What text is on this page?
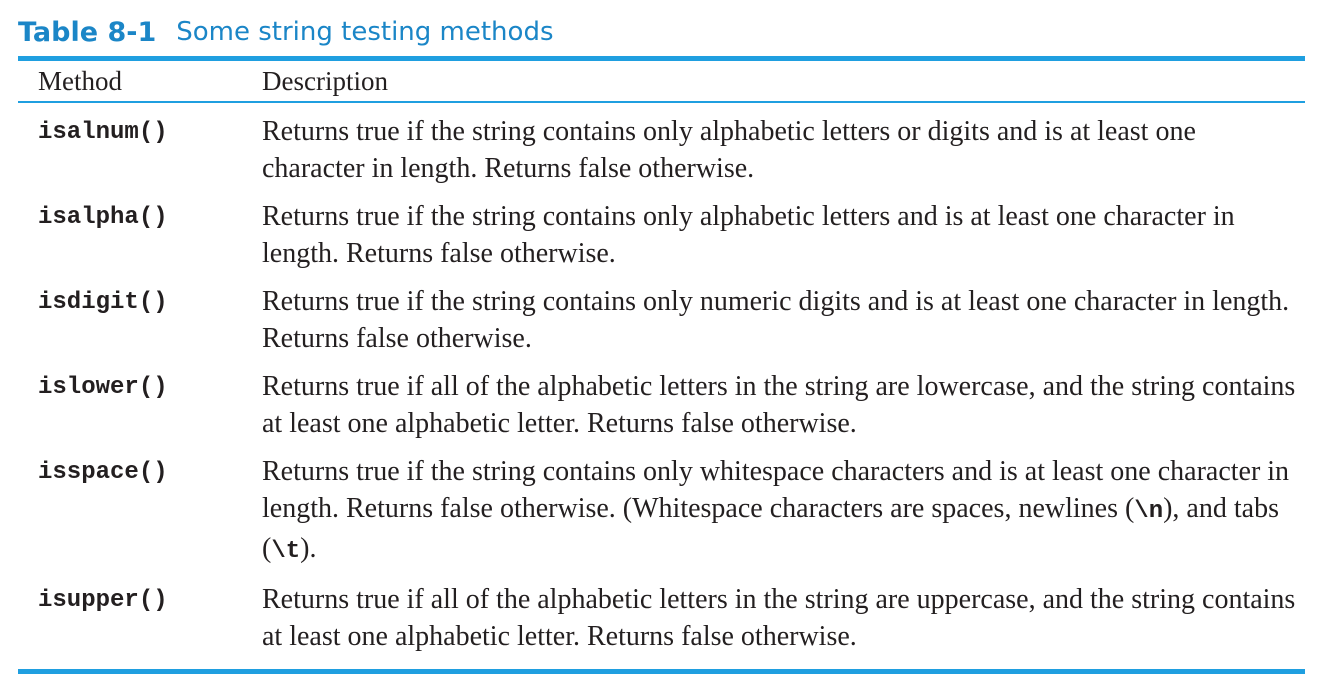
Table 8-1 Some string testing methods
Method	Description
isalnum()	Returns true if the string contains only alphabetic letters or digits and is at least one character in length. Returns false otherwise.
isalpha()	Returns true if the string contains only alphabetic letters and is at least one character in length. Returns false otherwise.
isdigit()	Returns true if the string contains only numeric digits and is at least one character in length. Returns false otherwise.
islower()	Returns true if all of the alphabetic letters in the string are lowercase, and the string contains at least one alphabetic letter. Returns false otherwise.
isspace()	Returns true if the string contains only whitespace characters and is at least one character in length. Returns false otherwise. (Whitespace characters are spaces, newlines (\n), and tabs (\t).
isupper()	Returns true if all of the alphabetic letters in the string are uppercase, and the string contains at least one alphabetic letter. Returns false otherwise.
